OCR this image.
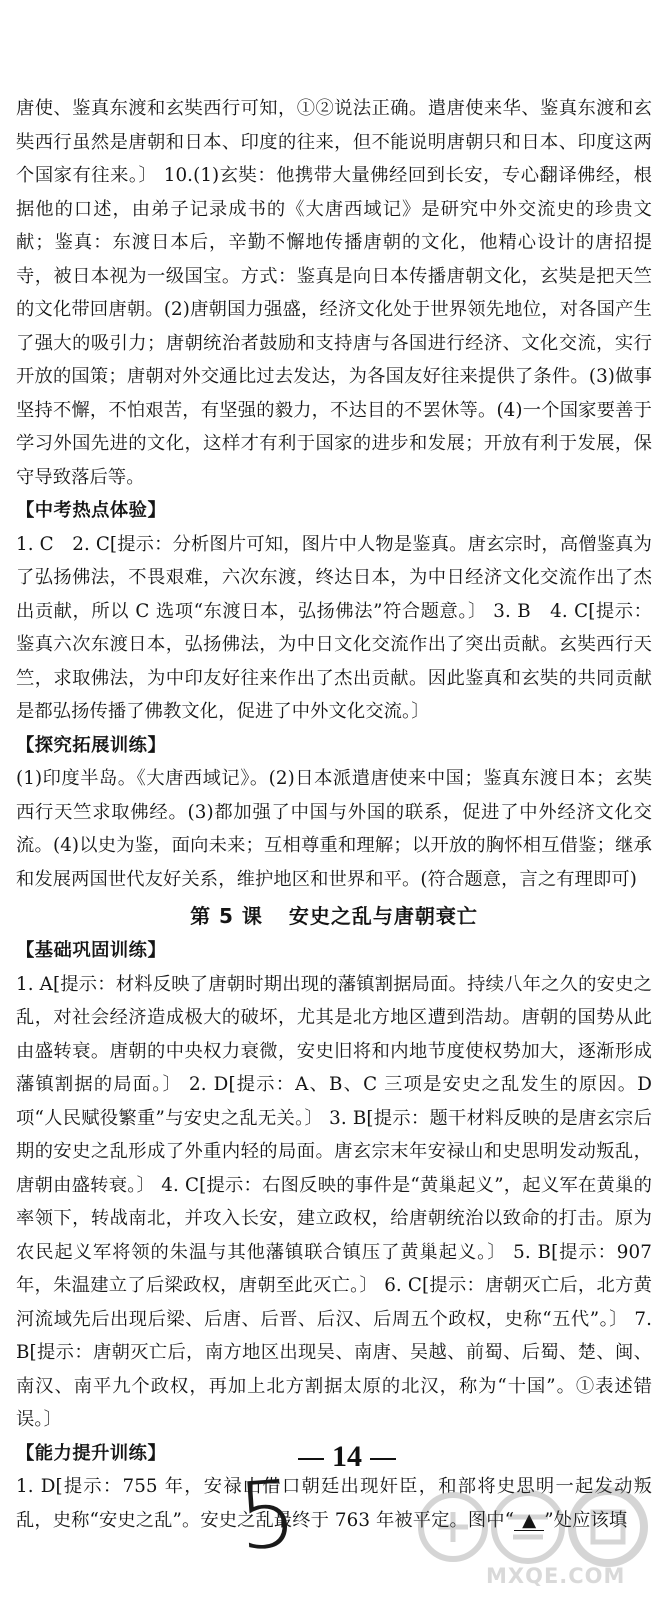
唐使、鉴真东渡和玄奘西行可知，①②说法正确。遣唐使来华、鉴真东渡和玄奘西行虽然是唐朝和日本、印度的往来，但不能说明唐朝只和日本、印度这两个国家有往来。〕 10.(1)玄奘：他携带大量佛经回到长安，专心翻译佛经，根据他的口述，由弟子记录成书的《大唐西域记》是研究中外交流史的珍贵文献；鉴真：东渡日本后，辛勤不懈地传播唐朝的文化，他精心设计的唐招提寺，被日本视为一级国宝。方式：鉴真是向日本传播唐朝文化，玄奘是把天竺的文化带回唐朝。(2)唐朝国力强盛，经济文化处于世界领先地位，对各国产生了强大的吸引力；唐朝统治者鼓励和支持唐与各国进行经济、文化交流，实行开放的国策；唐朝对外交通比过去发达，为各国友好往来提供了条件。(3)做事坚持不懈，不怕艰苦，有坚强的毅力，不达目的不罢休等。(4)一个国家要善于学习外国先进的文化，这样才有利于国家的进步和发展；开放有利于发展，保守导致落后等。

【中考热点体验】

1. C　2. C[提示：分析图片可知，图片中人物是鉴真。唐玄宗时，高僧鉴真为了弘扬佛法，不畏艰难，六次东渡，终达日本，为中日经济文化交流作出了杰出贡献，所以 C 选项“东渡日本，弘扬佛法”符合题意。〕 3. B　4. C[提示：鉴真六次东渡日本，弘扬佛法，为中日文化交流作出了突出贡献。玄奘西行天竺，求取佛法，为中印友好往来作出了杰出贡献。因此鉴真和玄奘的共同贡献是都弘扬传播了佛教文化，促进了中外文化交流。〕

【探究拓展训练】

(1)印度半岛。《大唐西域记》。(2)日本派遣唐使来中国；鉴真东渡日本；玄奘西行天竺求取佛经。(3)都加强了中国与外国的联系，促进了中外经济文化交流。(4)以史为鉴，面向未来；互相尊重和理解；以开放的胸怀相互借鉴；继承和发展两国世代友好关系，维护地区和世界和平。(符合题意，言之有理即可)

第 5 课 安史之乱与唐朝衰亡

【基础巩固训练】

1. A[提示：材料反映了唐朝时期出现的藩镇割据局面。持续八年之久的安史之乱，对社会经济造成极大的破坏，尤其是北方地区遭到浩劫。唐朝的国势从此由盛转衰。唐朝的中央权力衰微，安史旧将和内地节度使权势加大，逐渐形成藩镇割据的局面。〕 2. D[提示：A、B、C 三项是安史之乱发生的原因。D 项“人民赋役繁重”与安史之乱无关。〕 3. B[提示：题干材料反映的是唐玄宗后期的安史之乱形成了外重内轻的局面。唐玄宗末年安禄山和史思明发动叛乱，唐朝由盛转衰。〕 4. C[提示：右图反映的事件是“黄巢起义”，起义军在黄巢的率领下，转战南北，并攻入长安，建立政权，给唐朝统治以致命的打击。原为农民起义军将领的朱温与其他藩镇联合镇压了黄巢起义。〕 5. B[提示：907 年，朱温建立了后梁政权，唐朝至此灭亡。〕 6. C[提示：唐朝灭亡后，北方黄河流域先后出现后梁、后唐、后晋、后汉、后周五个政权，史称“五代”。〕 7. B[提示：唐朝灭亡后，南方地区出现吴、南唐、吴越、前蜀、后蜀、楚、闽、南汉、南平九个政权，再加上北方割据太原的北汉，称为“十国”。①表述错误。〕

【能力提升训练】

1. D[提示：755 年，安禄山借口朝廷出现奸臣，和部将史思明一起发动叛乱，史称“安史之乱”。安史之乱最终于 763 年被平定。图中“ ▲ ”处应该填

14
5
MXQE.COM
